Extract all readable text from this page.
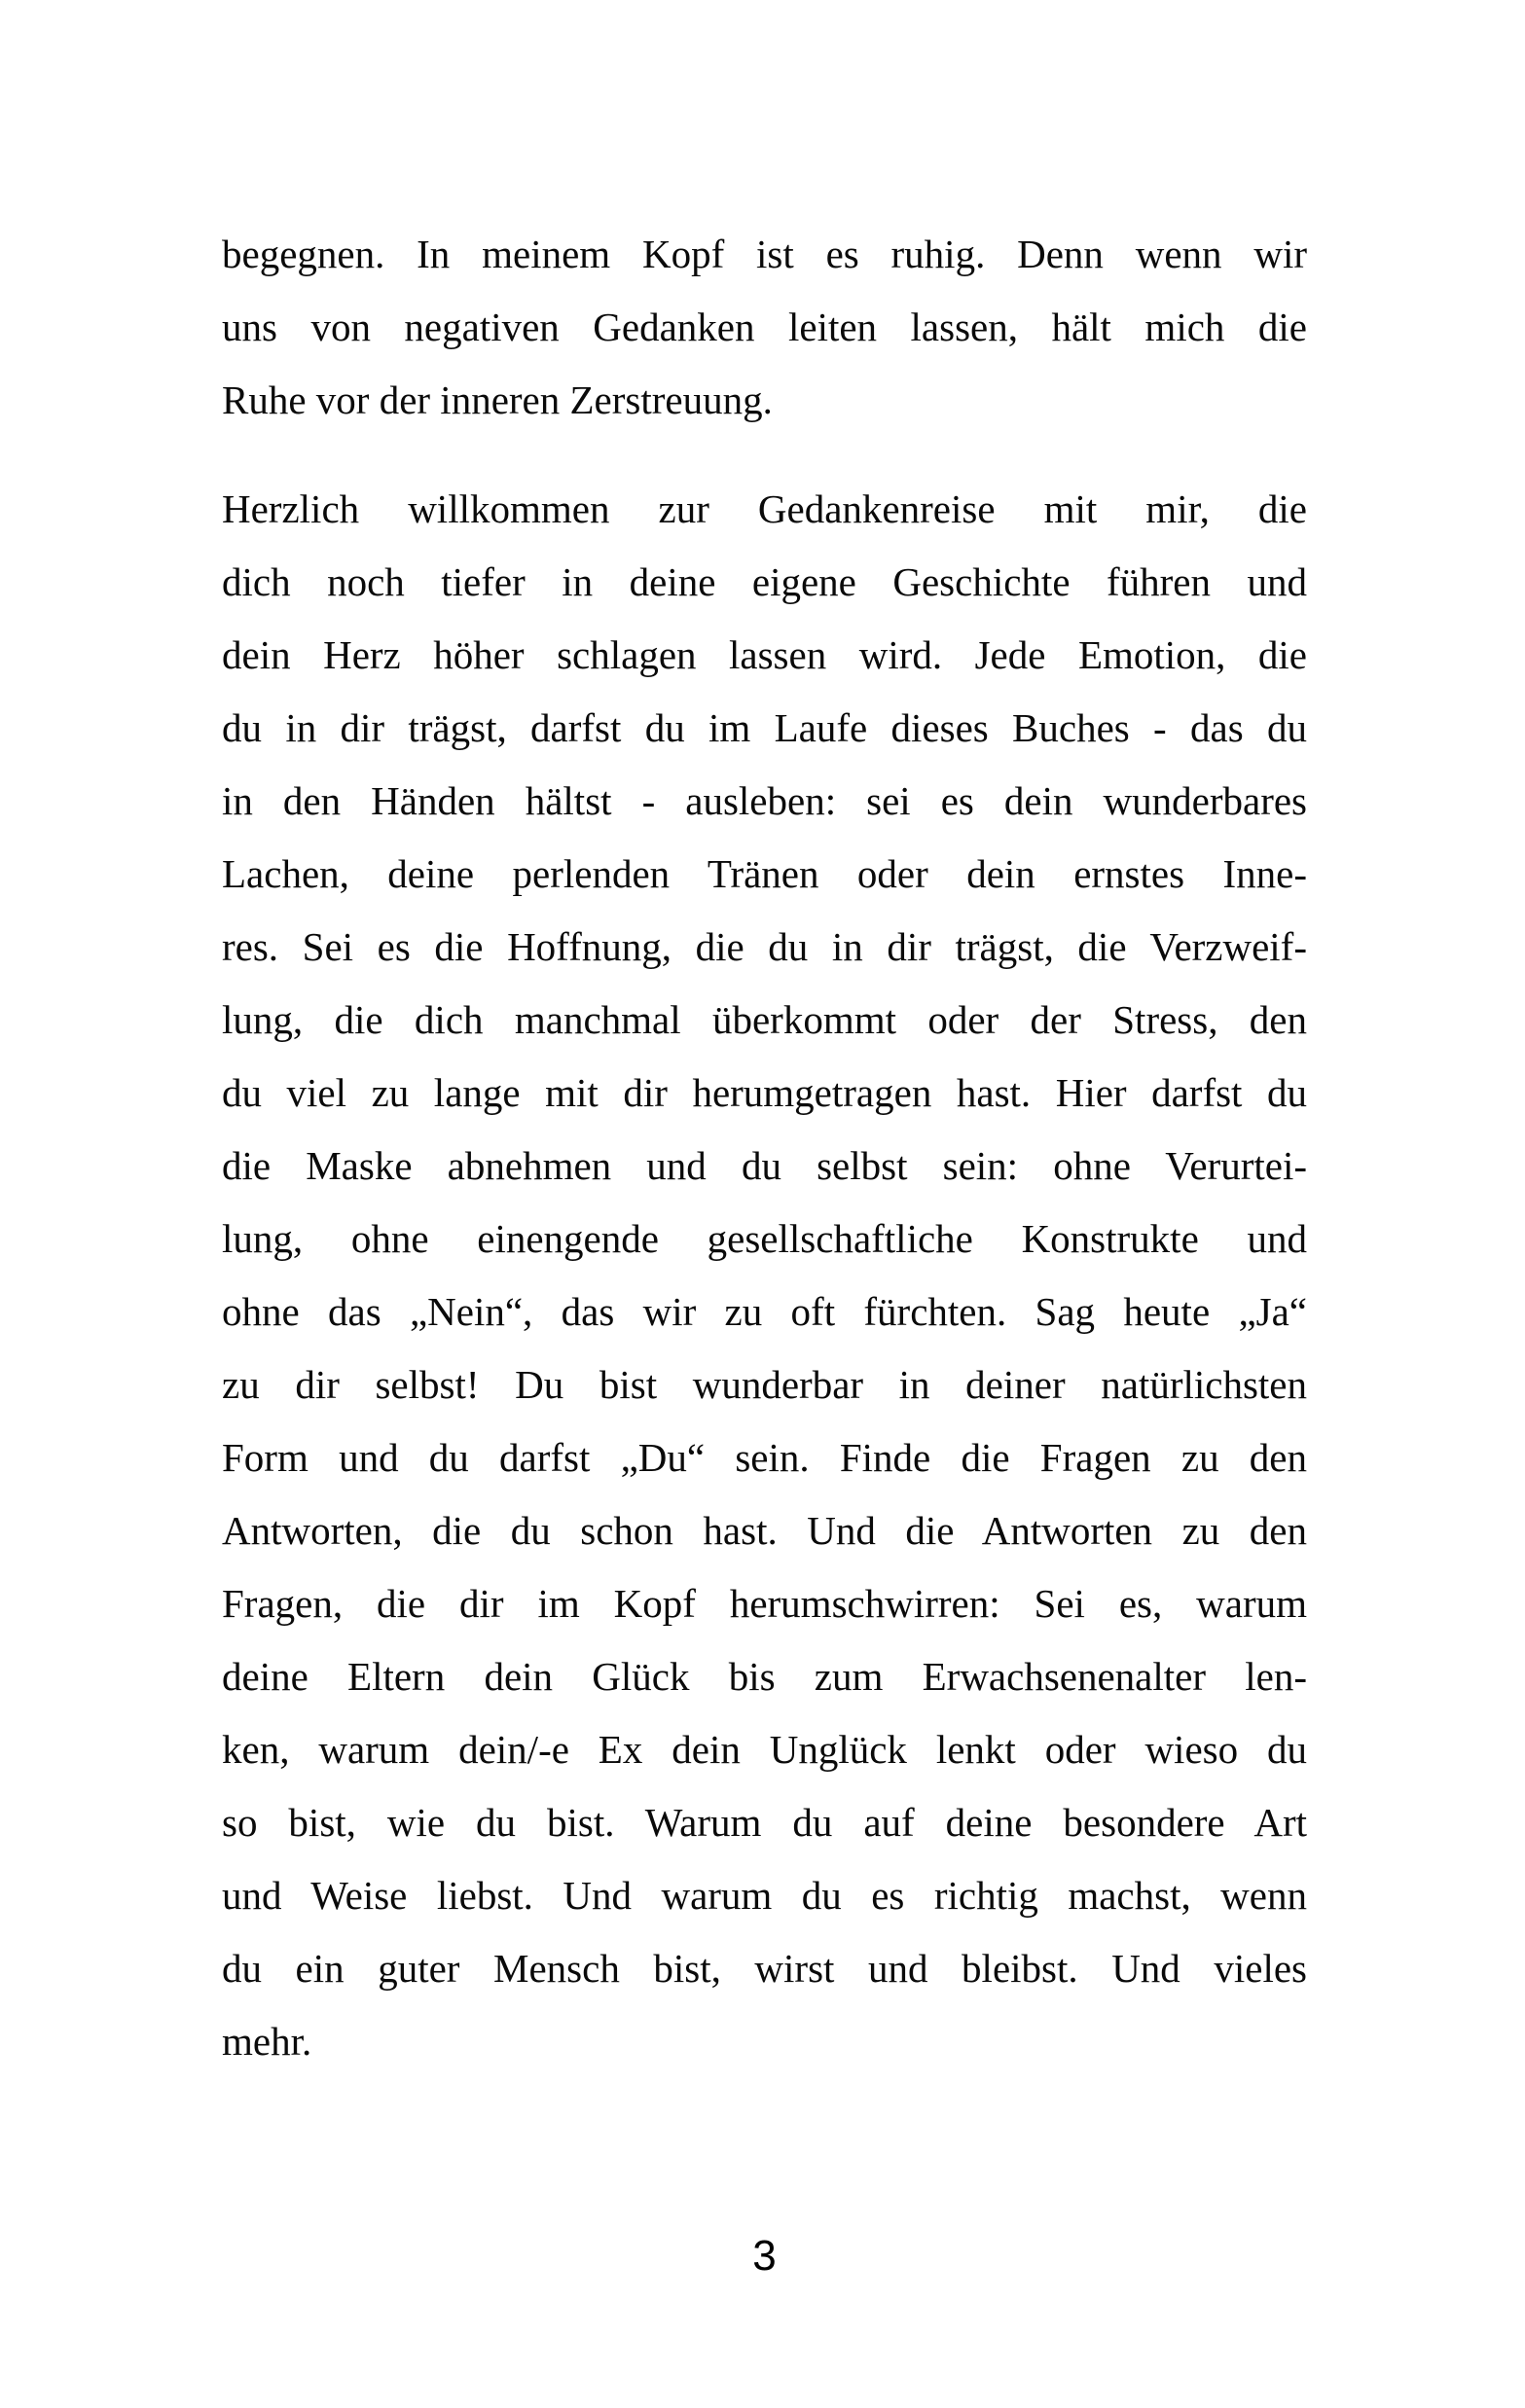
begegnen. In meinem Kopf ist es ruhig. Denn wenn wir
uns von negativen Gedanken leiten lassen, hält mich die
Ruhe vor der inneren Zerstreuung.
Herzlich willkommen zur Gedankenreise mit mir, die
dich noch tiefer in deine eigene Geschichte führen und
dein Herz höher schlagen lassen wird. Jede Emotion, die
du in dir trägst, darfst du im Laufe dieses Buches - das du
in den Händen hältst - ausleben: sei es dein wunderbares
Lachen, deine perlenden Tränen oder dein ernstes Inne-
res. Sei es die Hoffnung, die du in dir trägst, die Verzweif-
lung, die dich manchmal überkommt oder der Stress, den
du viel zu lange mit dir herumgetragen hast. Hier darfst du
die Maske abnehmen und du selbst sein: ohne Verurtei-
lung, ohne einengende gesellschaftliche Konstrukte und
ohne das „Nein“, das wir zu oft fürchten. Sag heute „Ja“
zu dir selbst! Du bist wunderbar in deiner natürlichsten
Form und du darfst „Du“ sein. Finde die Fragen zu den
Antworten, die du schon hast. Und die Antworten zu den
Fragen, die dir im Kopf herumschwirren: Sei es, warum
deine Eltern dein Glück bis zum Erwachsenenalter len-
ken, warum dein/-e Ex dein Unglück lenkt oder wieso du
so bist, wie du bist. Warum du auf deine besondere Art
und Weise liebst. Und warum du es richtig machst, wenn
du ein guter Mensch bist, wirst und bleibst. Und vieles
mehr.
3
